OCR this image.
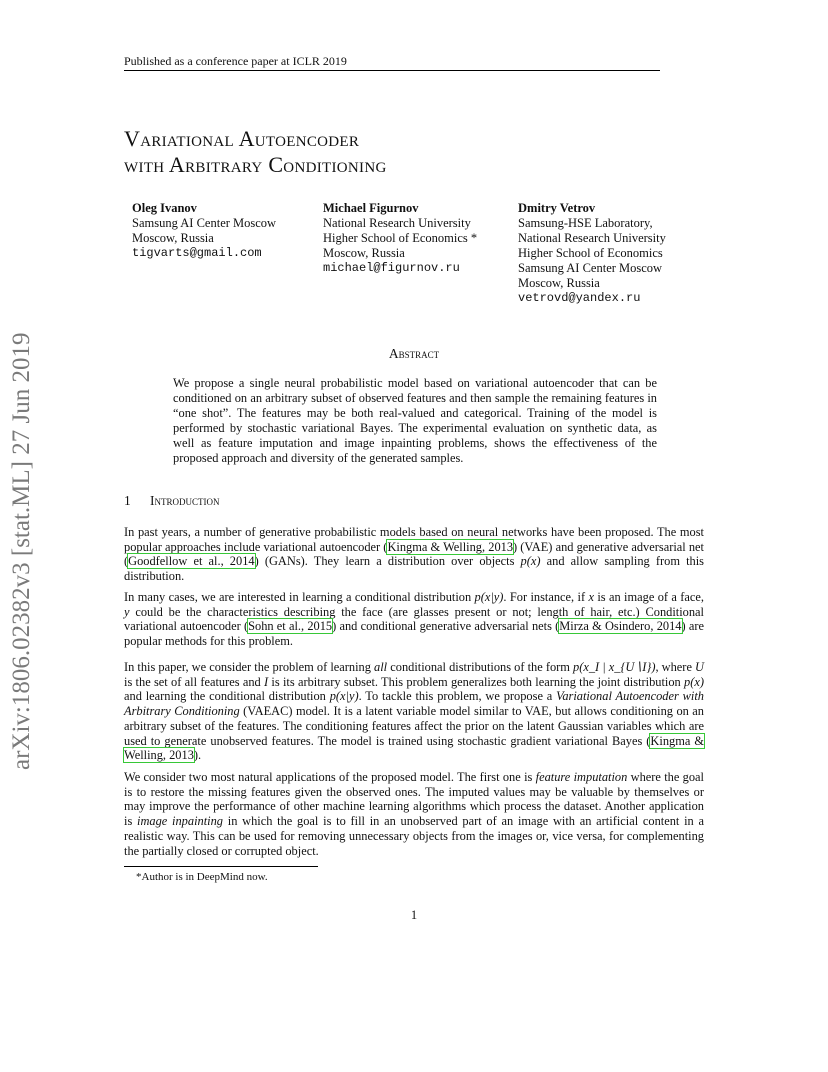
Published as a conference paper at ICLR 2019
Variational Autoencoder
with Arbitrary Conditioning
Oleg Ivanov
Samsung AI Center Moscow
Moscow, Russia
tigvarts@gmail.com
Michael Figurnov
National Research University
Higher School of Economics *
Moscow, Russia
michael@figurnov.ru
Dmitry Vetrov
Samsung-HSE Laboratory,
National Research University
Higher School of Economics
Samsung AI Center Moscow
Moscow, Russia
vetrovd@yandex.ru
arXiv:1806.02382v3 [stat.ML] 27 Jun 2019	Abstract
We propose a single neural probabilistic model based on variational autoencoder that can be conditioned on an arbitrary subset of observed features and then sample the remaining features in “one shot”. The features may be both real-valued and categorical. Training of the model is performed by stochastic variational Bayes. The experimental evaluation on synthetic data, as well as feature imputation and image inpainting problems, shows the effectiveness of the proposed approach and diversity of the generated samples.
1 Introduction
In past years, a number of generative probabilistic models based on neural networks have been proposed. The most popular approaches include variational autoencoder (Kingma & Welling, 2013) (VAE) and generative adversarial net (Goodfellow et al., 2014) (GANs). They learn a distribution over objects p(x) and allow sampling from this distribution.
In many cases, we are interested in learning a conditional distribution p(x|y). For instance, if x is an image of a face, y could be the characteristics describing the face (are glasses present or not; length of hair, etc.) Conditional variational autoencoder (Sohn et al., 2015) and conditional generative adversarial nets (Mirza & Osindero, 2014) are popular methods for this problem.
In this paper, we consider the problem of learning all conditional distributions of the form p(x_I | x_{U∖I}), where U is the set of all features and I is its arbitrary subset. This problem generalizes both learning the joint distribution p(x) and learning the conditional distribution p(x|y). To tackle this problem, we propose a Variational Autoencoder with Arbitrary Conditioning (VAEAC) model. It is a latent variable model similar to VAE, but allows conditioning on an arbitrary subset of the features. The conditioning features affect the prior on the latent Gaussian variables which are used to generate unobserved features. The model is trained using stochastic gradient variational Bayes (Kingma & Welling, 2013).
We consider two most natural applications of the proposed model. The first one is feature imputation where the goal is to restore the missing features given the observed ones. The imputed values may be valuable by themselves or may improve the performance of other machine learning algorithms which process the dataset. Another application is image inpainting in which the goal is to fill in an unobserved part of an image with an artificial content in a realistic way. This can be used for removing unnecessary objects from the images or, vice versa, for complementing the partially closed or corrupted object.
*Author is in DeepMind now.
1
